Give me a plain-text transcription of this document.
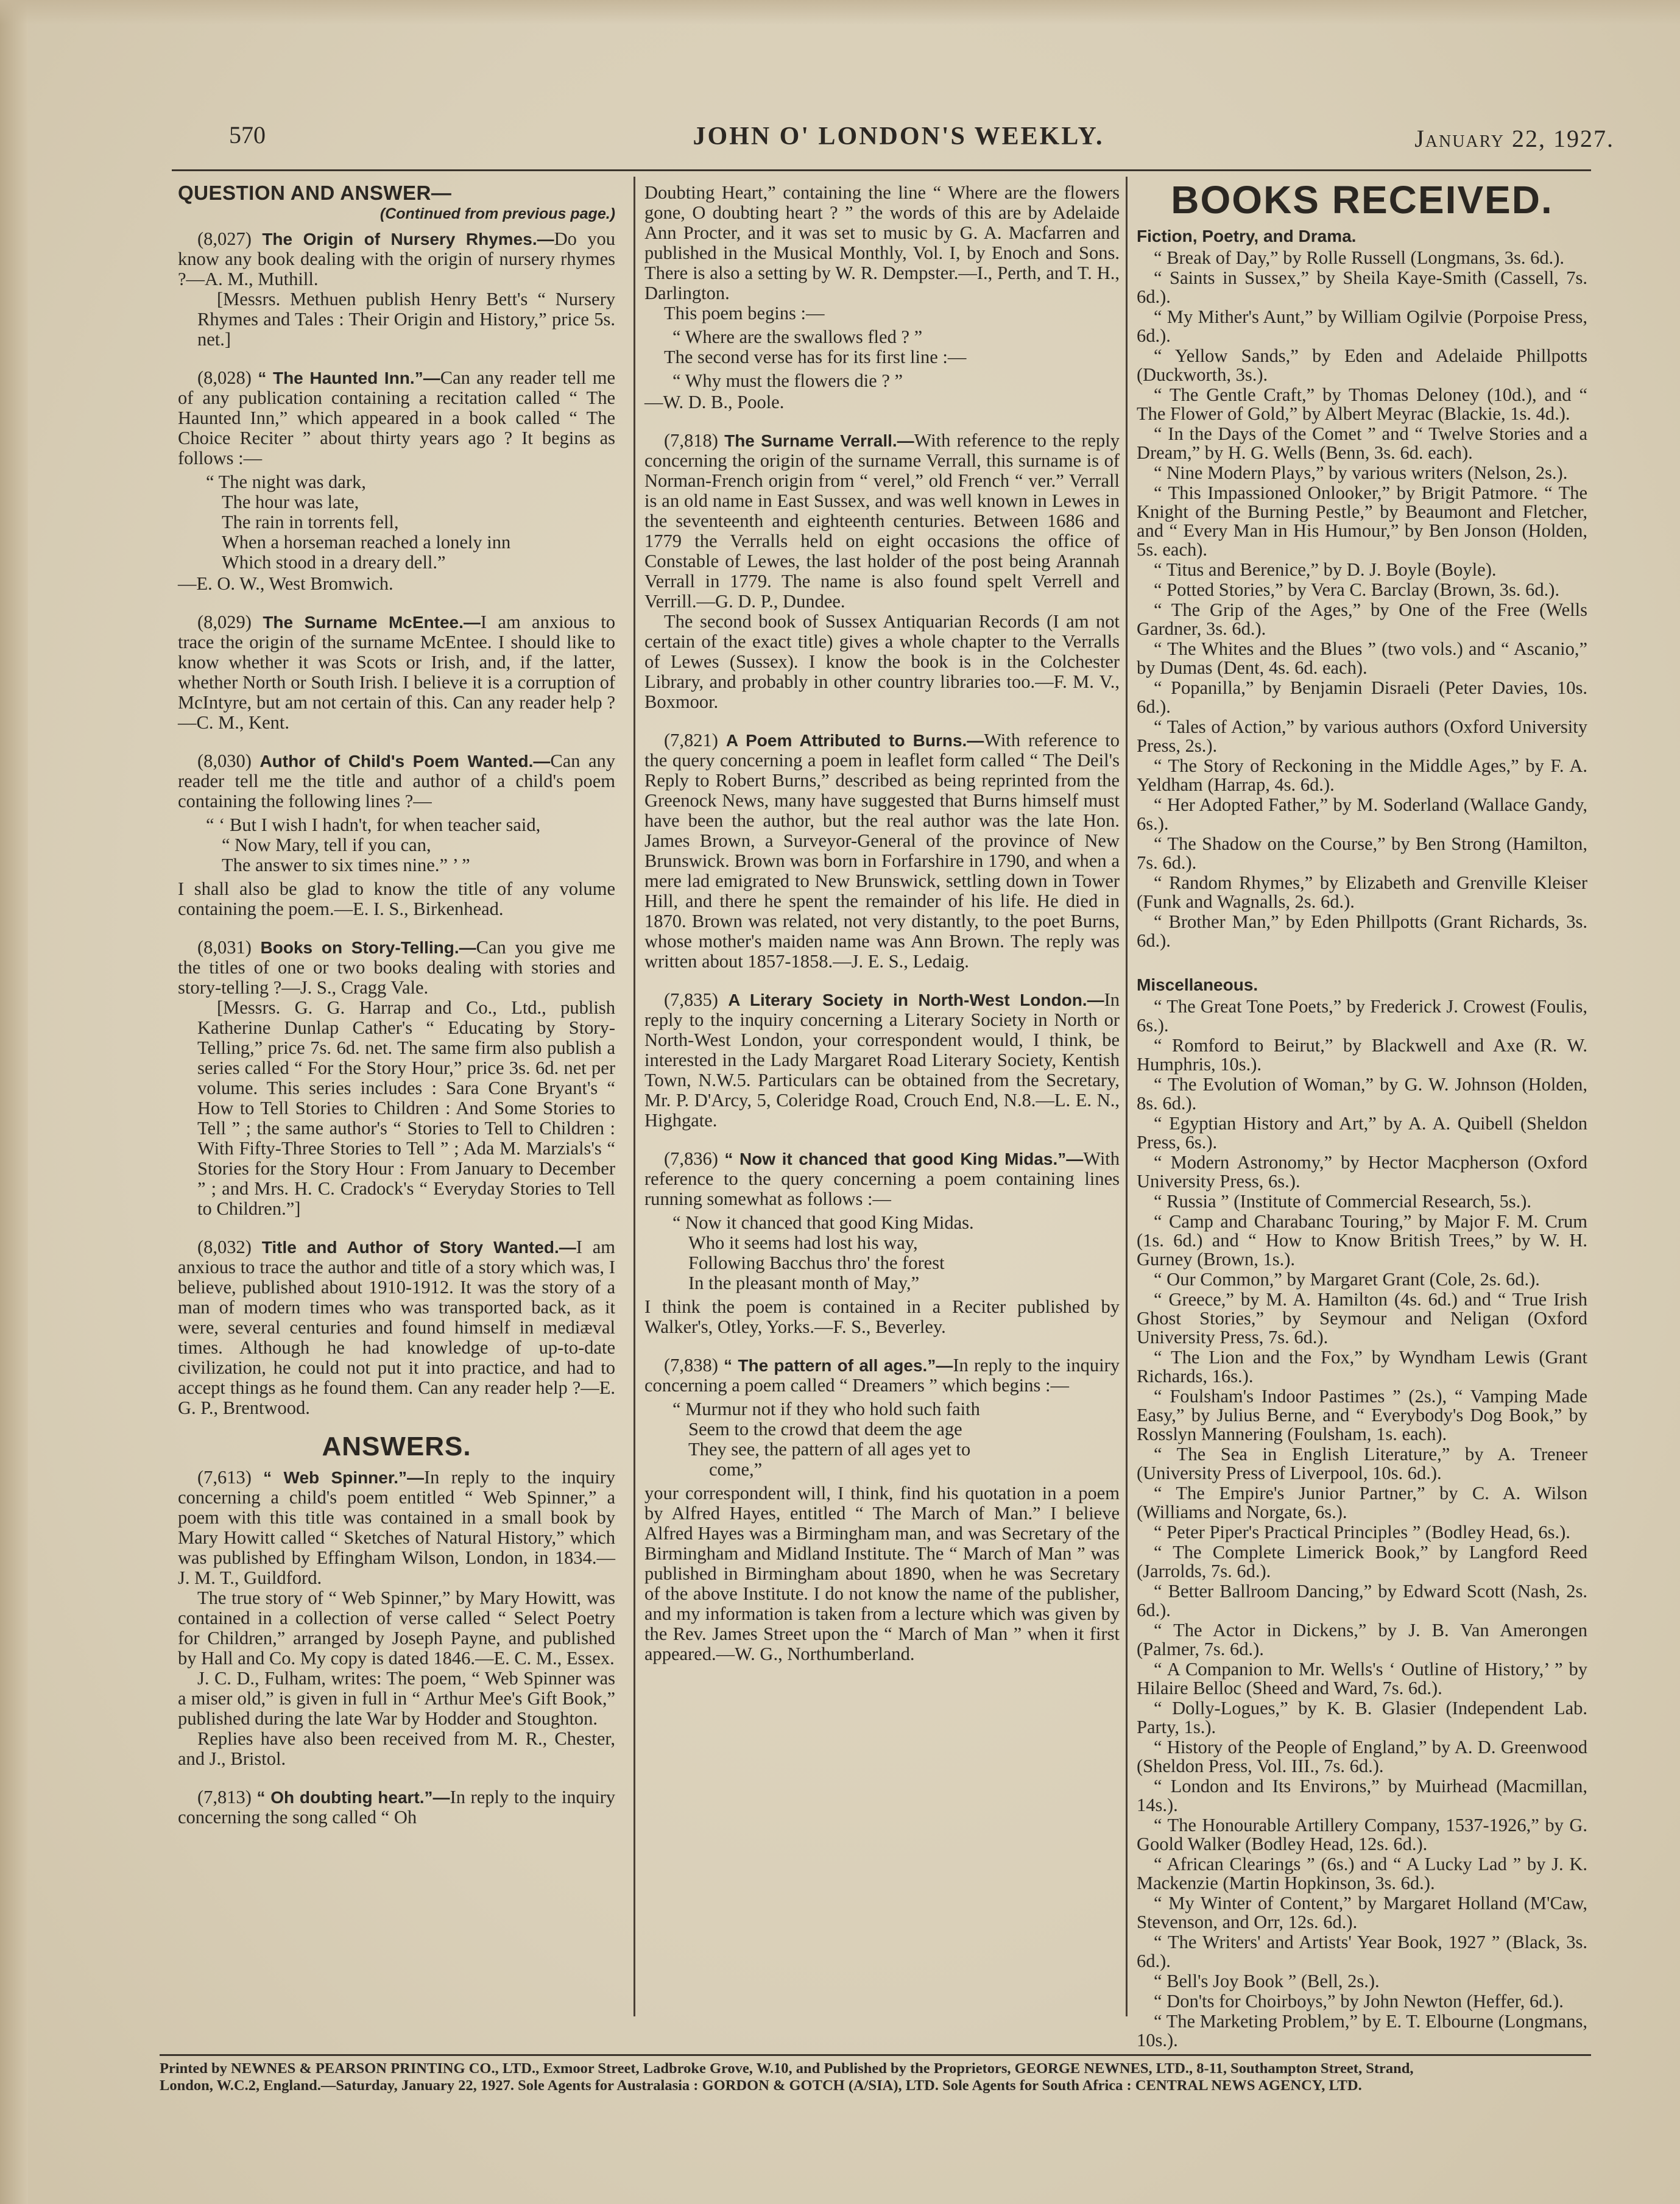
570	JOHN O' LONDON'S WEEKLY.	January 22, 1927.
QUESTION AND ANSWER—
(Continued from previous page.)

(8,027) The Origin of Nursery Rhymes.—Do you know any book dealing with the origin of nursery rhymes ?—A. M., Muthill.

[Messrs. Methuen publish Henry Bett's “ Nursery Rhymes and Tales : Their Origin and History,” price 5s. net.]

(8,028) “ The Haunted Inn.”—Can any reader tell me of any publication containing a recitation called “ The Haunted Inn,” which appeared in a book called “ The Choice Reciter ” about thirty years ago ? It begins as follows :—

“ The night was dark,
The hour was late,
The rain in torrents fell,
When a horseman reached a lonely inn
Which stood in a dreary dell.”
—E. O. W., West Bromwich.

(8,029) The Surname McEntee.—I am anxious to trace the origin of the surname McEntee. I should like to know whether it was Scots or Irish, and, if the latter, whether North or South Irish. I believe it is a corruption of McIntyre, but am not certain of this. Can any reader help ?—C. M., Kent.

(8,030) Author of Child's Poem Wanted.—Can any reader tell me the title and author of a child's poem containing the following lines ?—

“ ‘ But I wish I hadn't, for when teacher said,
“ Now Mary, tell if you can,
The answer to six times nine.” ’ ”

I shall also be glad to know the title of any volume containing the poem.—E. I. S., Birkenhead.

(8,031) Books on Story-Telling.—Can you give me the titles of one or two books dealing with stories and story-telling ?—J. S., Cragg Vale.

[Messrs. G. G. Harrap and Co., Ltd., publish Katherine Dunlap Cather's “ Educating by Story-Telling,” price 7s. 6d. net. The same firm also publish a series called “ For the Story Hour,” price 3s. 6d. net per volume. This series includes : Sara Cone Bryant's “ How to Tell Stories to Children : And Some Stories to Tell ” ; the same author's “ Stories to Tell to Children : With Fifty-Three Stories to Tell ” ; Ada M. Marzials's “ Stories for the Story Hour : From January to December ” ; and Mrs. H. C. Cradock's “ Everyday Stories to Tell to Children.”]

(8,032) Title and Author of Story Wanted.—I am anxious to trace the author and title of a story which was, I believe, published about 1910-1912. It was the story of a man of modern times who was transported back, as it were, several centuries and found himself in mediæval times. Although he had knowledge of up-to-date civilization, he could not put it into practice, and had to accept things as he found them. Can any reader help ?—E. G. P., Brentwood.

ANSWERS.

(7,613) “ Web Spinner.”—In reply to the inquiry concerning a child's poem entitled “ Web Spinner,” a poem with this title was contained in a small book by Mary Howitt called “ Sketches of Natural History,” which was published by Effingham Wilson, London, in 1834.—J. M. T., Guildford.

The true story of “ Web Spinner,” by Mary Howitt, was contained in a collection of verse called “ Select Poetry for Children,” arranged by Joseph Payne, and published by Hall and Co. My copy is dated 1846.—E. C. M., Essex.

J. C. D., Fulham, writes: The poem, “ Web Spinner was a miser old,” is given in full in “ Arthur Mee's Gift Book,” published during the late War by Hodder and Stoughton.

Replies have also been received from M. R., Chester, and J., Bristol.

(7,813) “ Oh doubting heart.”—In reply to the inquiry concerning the song called “ Oh

Doubting Heart,” containing the line “ Where are the flowers gone, O doubting heart ? ” the words of this are by Adelaide Ann Procter, and it was set to music by G. A. Macfarren and published in the Musical Monthly, Vol. I, by Enoch and Sons. There is also a setting by W. R. Dempster.—I., Perth, and T. H., Darlington.

This poem begins :—

“ Where are the swallows fled ? ”

The second verse has for its first line :—

“ Why must the flowers die ? ”
—W. D. B., Poole.

(7,818) The Surname Verrall.—With reference to the reply concerning the origin of the surname Verrall, this surname is of Norman-French origin from “ verel,” old French “ ver.” Verrall is an old name in East Sussex, and was well known in Lewes in the seventeenth and eighteenth centuries. Between 1686 and 1779 the Verralls held on eight occasions the office of Constable of Lewes, the last holder of the post being Arannah Verrall in 1779. The name is also found spelt Verrell and Verrill.—G. D. P., Dundee.

The second book of Sussex Antiquarian Records (I am not certain of the exact title) gives a whole chapter to the Verralls of Lewes (Sussex). I know the book is in the Colchester Library, and probably in other country libraries too.—F. M. V., Boxmoor.

(7,821) A Poem Attributed to Burns.—With reference to the query concerning a poem in leaflet form called “ The Deil's Reply to Robert Burns,” described as being reprinted from the Greenock News, many have suggested that Burns himself must have been the author, but the real author was the late Hon. James Brown, a Surveyor-General of the province of New Brunswick. Brown was born in Forfarshire in 1790, and when a mere lad emigrated to New Brunswick, settling down in Tower Hill, and there he spent the remainder of his life. He died in 1870. Brown was related, not very distantly, to the poet Burns, whose mother's maiden name was Ann Brown. The reply was written about 1857-1858.—J. E. S., Ledaig.

(7,835) A Literary Society in North-West London.—In reply to the inquiry concerning a Literary Society in North or North-West London, your correspondent would, I think, be interested in the Lady Margaret Road Literary Society, Kentish Town, N.W.5. Particulars can be obtained from the Secretary, Mr. P. D'Arcy, 5, Coleridge Road, Crouch End, N.8.—L. E. N., Highgate.

(7,836) “ Now it chanced that good King Midas.”—With reference to the query concerning a poem containing lines running somewhat as follows :—

“ Now it chanced that good King Midas.
Who it seems had lost his way,
Following Bacchus thro' the forest
In the pleasant month of May,”

I think the poem is contained in a Reciter published by Walker's, Otley, Yorks.—F. S., Beverley.

(7,838) “ The pattern of all ages.”—In reply to the inquiry concerning a poem called “ Dreamers ” which begins :—

“ Murmur not if they who hold such faith
Seem to the crowd that deem the age
They see, the pattern of all ages yet to
come,”

your correspondent will, I think, find his quotation in a poem by Alfred Hayes, entitled “ The March of Man.” I believe Alfred Hayes was a Birmingham man, and was Secretary of the Birmingham and Midland Institute. The “ March of Man ” was published in Birmingham about 1890, when he was Secretary of the above Institute. I do not know the name of the publisher, and my information is taken from a lecture which was given by the Rev. James Street upon the “ March of Man ” when it first appeared.—W. G., Northumberland.

BOOKS RECEIVED.
Fiction, Poetry, and Drama.
“ Break of Day,” by Rolle Russell (Longmans, 3s. 6d.).
“ Saints in Sussex,” by Sheila Kaye-Smith (Cassell, 7s. 6d.).
“ My Mither's Aunt,” by William Ogilvie (Porpoise Press, 6d.).
“ Yellow Sands,” by Eden and Adelaide Phillpotts (Duckworth, 3s.).
“ The Gentle Craft,” by Thomas Deloney (10d.), and “ The Flower of Gold,” by Albert Meyrac (Blackie, 1s. 4d.).
“ In the Days of the Comet ” and “ Twelve Stories and a Dream,” by H. G. Wells (Benn, 3s. 6d. each).
“ Nine Modern Plays,” by various writers (Nelson, 2s.).
“ This Impassioned Onlooker,” by Brigit Patmore. “ The Knight of the Burning Pestle,” by Beaumont and Fletcher, and “ Every Man in His Humour,” by Ben Jonson (Holden, 5s. each).
“ Titus and Berenice,” by D. J. Boyle (Boyle).
“ Potted Stories,” by Vera C. Barclay (Brown, 3s. 6d.).
“ The Grip of the Ages,” by One of the Free (Wells Gardner, 3s. 6d.).
“ The Whites and the Blues ” (two vols.) and “ Ascanio,” by Dumas (Dent, 4s. 6d. each).
“ Popanilla,” by Benjamin Disraeli (Peter Davies, 10s. 6d.).
“ Tales of Action,” by various authors (Oxford University Press, 2s.).
“ The Story of Reckoning in the Middle Ages,” by F. A. Yeldham (Harrap, 4s. 6d.).
“ Her Adopted Father,” by M. Soderland (Wallace Gandy, 6s.).
“ The Shadow on the Course,” by Ben Strong (Hamilton, 7s. 6d.).
“ Random Rhymes,” by Elizabeth and Grenville Kleiser (Funk and Wagnalls, 2s. 6d.).
“ Brother Man,” by Eden Phillpotts (Grant Richards, 3s. 6d.).
Miscellaneous.
“ The Great Tone Poets,” by Frederick J. Crowest (Foulis, 6s.).
“ Romford to Beirut,” by Blackwell and Axe (R. W. Humphris, 10s.).
“ The Evolution of Woman,” by G. W. Johnson (Holden, 8s. 6d.).
“ Egyptian History and Art,” by A. A. Quibell (Sheldon Press, 6s.).
“ Modern Astronomy,” by Hector Macpherson (Oxford University Press, 6s.).
“ Russia ” (Institute of Commercial Research, 5s.).
“ Camp and Charabanc Touring,” by Major F. M. Crum (1s. 6d.) and “ How to Know British Trees,” by W. H. Gurney (Brown, 1s.).
“ Our Common,” by Margaret Grant (Cole, 2s. 6d.).
“ Greece,” by M. A. Hamilton (4s. 6d.) and “ True Irish Ghost Stories,” by Seymour and Neligan (Oxford University Press, 7s. 6d.).
“ The Lion and the Fox,” by Wyndham Lewis (Grant Richards, 16s.).
“ Foulsham's Indoor Pastimes ” (2s.), “ Vamping Made Easy,” by Julius Berne, and “ Everybody's Dog Book,” by Rosslyn Mannering (Foulsham, 1s. each).
“ The Sea in English Literature,” by A. Treneer (University Press of Liverpool, 10s. 6d.).
“ The Empire's Junior Partner,” by C. A. Wilson (Williams and Norgate, 6s.).
“ Peter Piper's Practical Principles ” (Bodley Head, 6s.).
“ The Complete Limerick Book,” by Langford Reed (Jarrolds, 7s. 6d.).
“ Better Ballroom Dancing,” by Edward Scott (Nash, 2s. 6d.).
“ The Actor in Dickens,” by J. B. Van Amerongen (Palmer, 7s. 6d.).
“ A Companion to Mr. Wells's ‘ Outline of History,’ ” by Hilaire Belloc (Sheed and Ward, 7s. 6d.).
“ Dolly-Logues,” by K. B. Glasier (Independent Lab. Party, 1s.).
“ History of the People of England,” by A. D. Greenwood (Sheldon Press, Vol. III., 7s. 6d.).
“ London and Its Environs,” by Muirhead (Macmillan, 14s.).
“ The Honourable Artillery Company, 1537-1926,” by G. Goold Walker (Bodley Head, 12s. 6d.).
“ African Clearings ” (6s.) and “ A Lucky Lad ” by J. K. Mackenzie (Martin Hopkinson, 3s. 6d.).
“ My Winter of Content,” by Margaret Holland (M'Caw, Stevenson, and Orr, 12s. 6d.).
“ The Writers' and Artists' Year Book, 1927 ” (Black, 3s. 6d.).
“ Bell's Joy Book ” (Bell, 2s.).
“ Don'ts for Choirboys,” by John Newton (Heffer, 6d.).
“ The Marketing Problem,” by E. T. Elbourne (Longmans, 10s.).
Printed by NEWNES & PEARSON PRINTING CO., LTD., Exmoor Street, Ladbroke Grove, W.10, and Published by the Proprietors, GEORGE NEWNES, LTD., 8-11, Southampton Street, Strand,
London, W.C.2, England.—Saturday, January 22, 1927. Sole Agents for Australasia : GORDON & GOTCH (A/SIA), LTD. Sole Agents for South Africa : CENTRAL NEWS AGENCY, LTD.
